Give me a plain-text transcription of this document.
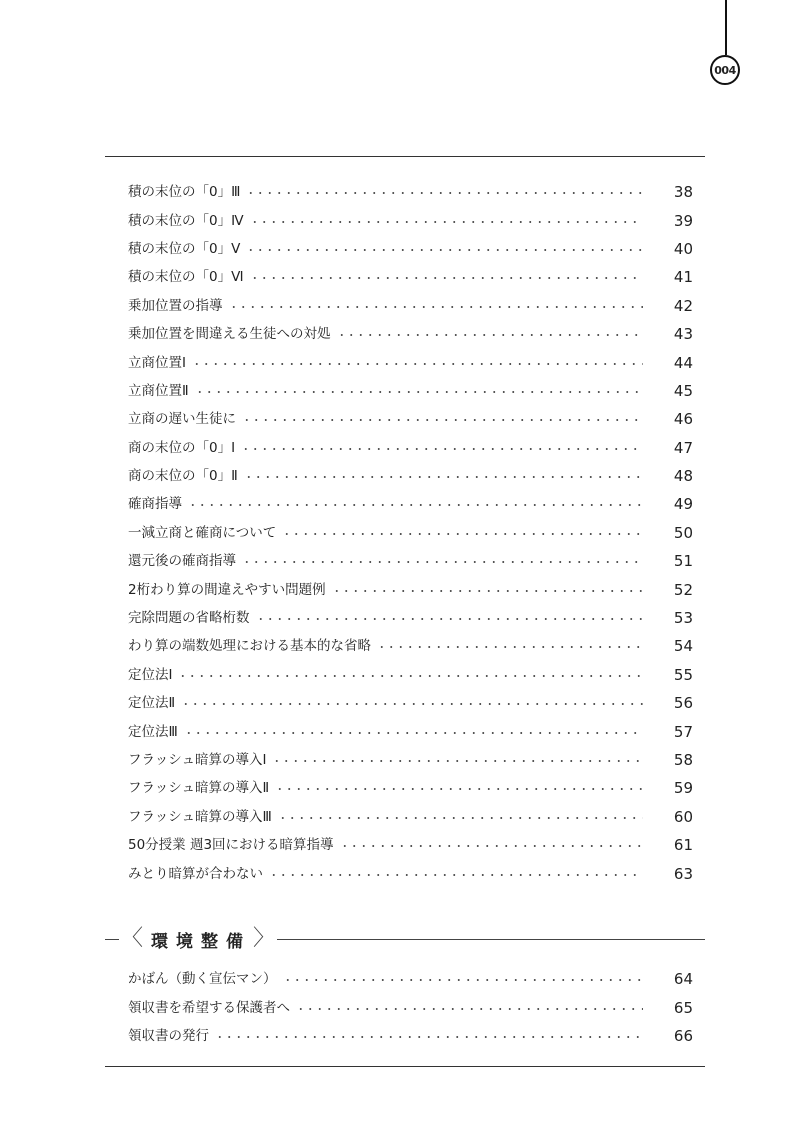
004
積の末位の「0」Ⅲ	38
積の末位の「0」Ⅳ	39
積の末位の「0」Ⅴ	40
積の末位の「0」Ⅵ	41
乗加位置の指導	42
乗加位置を間違える生徒への対処	43
立商位置Ⅰ	44
立商位置Ⅱ	45
立商の遅い生徒に	46
商の末位の「0」Ⅰ	47
商の末位の「0」Ⅱ	48
確商指導	49
一減立商と確商について	50
還元後の確商指導	51
2桁わり算の間違えやすい問題例	52
完除問題の省略桁数	53
わり算の端数処理における基本的な省略	54
定位法Ⅰ	55
定位法Ⅱ	56
定位法Ⅲ	57
フラッシュ暗算の導入Ⅰ	58
フラッシュ暗算の導入Ⅱ	59
フラッシュ暗算の導入Ⅲ	60
50分授業 週3回における暗算指導	61
みとり暗算が合わない	63
〈 環境整備 〉
かばん（動く宣伝マン）	64
領収書を希望する保護者へ	65
領収書の発行	66
